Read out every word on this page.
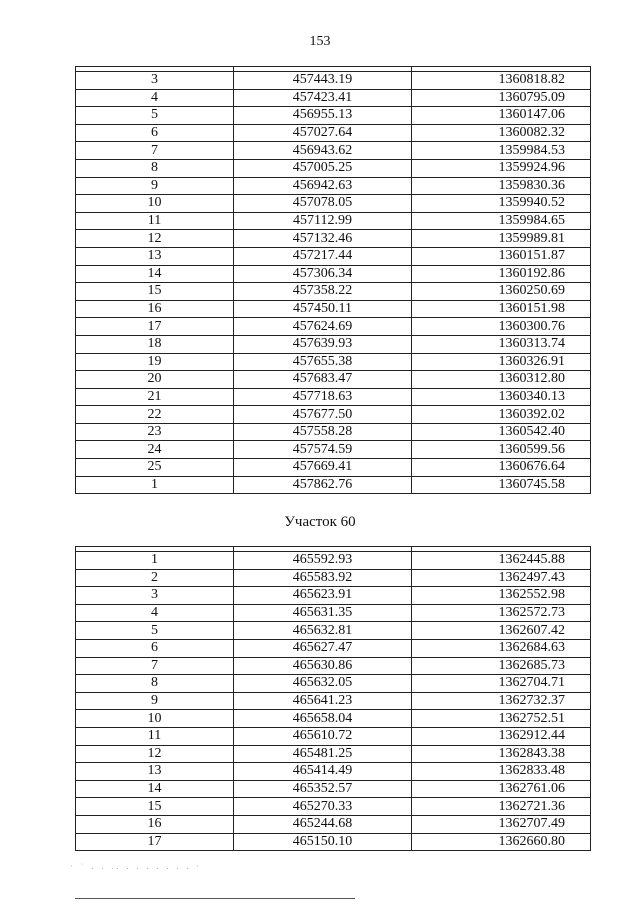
153

3	457443.19	1360818.82
4	457423.41	1360795.09
5	456955.13	1360147.06
6	457027.64	1360082.32
7	456943.62	1359984.53
8	457005.25	1359924.96
9	456942.63	1359830.36
10	457078.05	1359940.52
11	457112.99	1359984.65
12	457132.46	1359989.81
13	457217.44	1360151.87
14	457306.34	1360192.86
15	457358.22	1360250.69
16	457450.11	1360151.98
17	457624.69	1360300.76
18	457639.93	1360313.74
19	457655.38	1360326.91
20	457683.47	1360312.80
21	457718.63	1360340.13
22	457677.50	1360392.02
23	457558.28	1360542.40
24	457574.59	1360599.56
25	457669.41	1360676.64
1	457862.76	1360745.58
Участок 60

1	465592.93	1362445.88
2	465583.92	1362497.43
3	465623.91	1362552.98
4	465631.35	1362572.73
5	465632.81	1362607.42
6	465627.47	1362684.63
7	465630.86	1362685.73
8	465632.05	1362704.71
9	465641.23	1362732.37
10	465658.04	1362752.51
11	465610.72	1362912.44
12	465481.25	1362843.38
13	465414.49	1362833.48
14	465352.57	1362761.06
15	465270.33	1362721.36
16	465244.68	1362707.49
17	465150.10	1362660.80
· ˙ . . .. . . . . . . . ·
